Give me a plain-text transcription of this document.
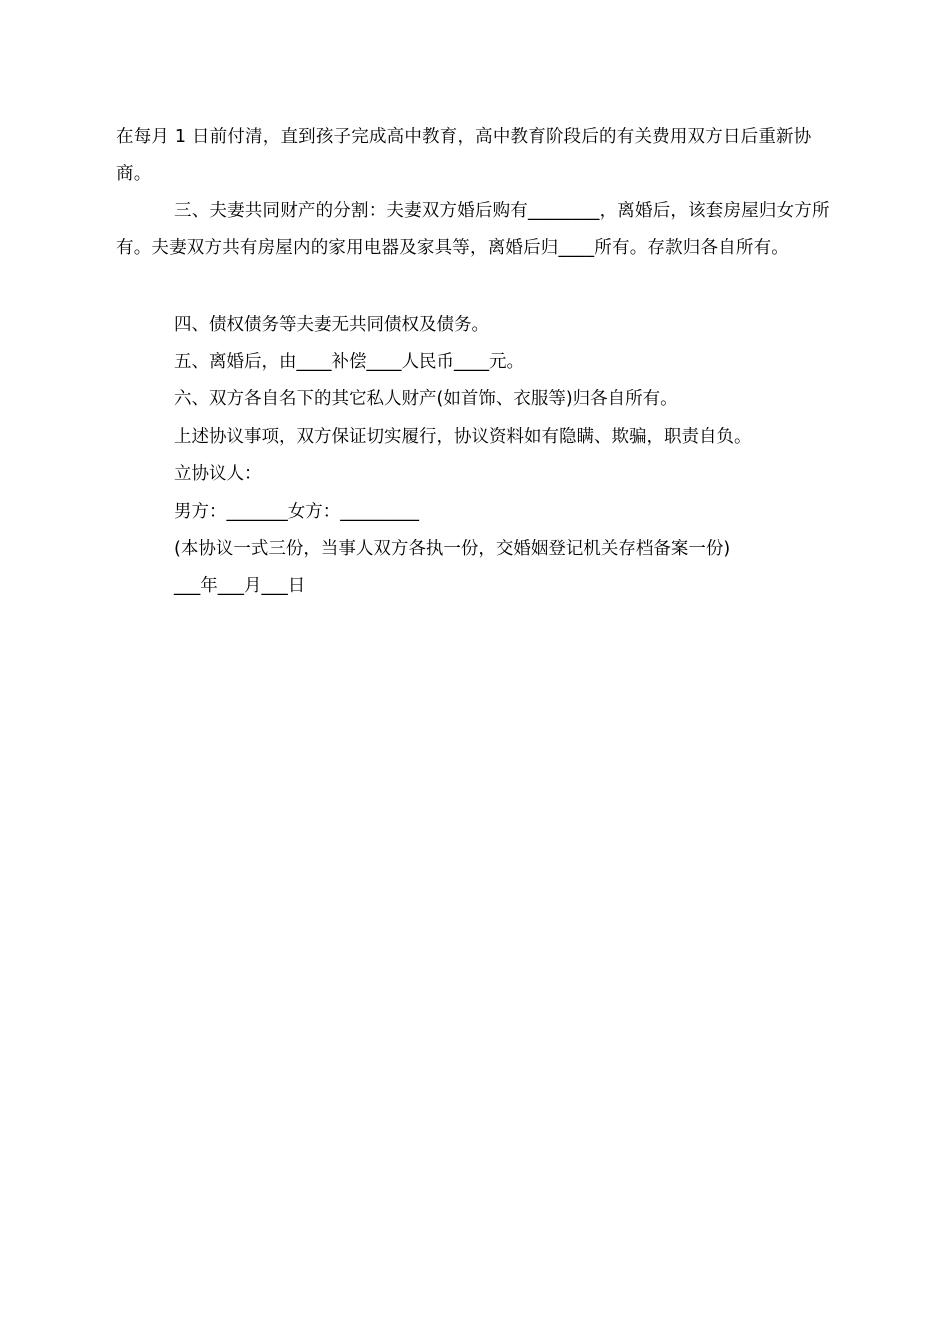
在每月 1 日前付清，直到孩子完成高中教育，高中教育阶段后的有关费用双方日后重新协商。

三、夫妻共同财产的分割：夫妻双方婚后购有________，离婚后，该套房屋归女方所有。夫妻双方共有房屋内的家用电器及家具等，离婚后归____所有。存款归各自所有。

四、债权债务等夫妻无共同债权及债务。

五、离婚后，由____补偿____人民币____元。

六、双方各自名下的其它私人财产(如首饰、衣服等)归各自所有。

上述协议事项，双方保证切实履行，协议资料如有隐瞒、欺骗，职责自负。

立协议人：

男方：_______女方：_________

(本协议一式三份，当事人双方各执一份，交婚姻登记机关存档备案一份)

___年___月___日
